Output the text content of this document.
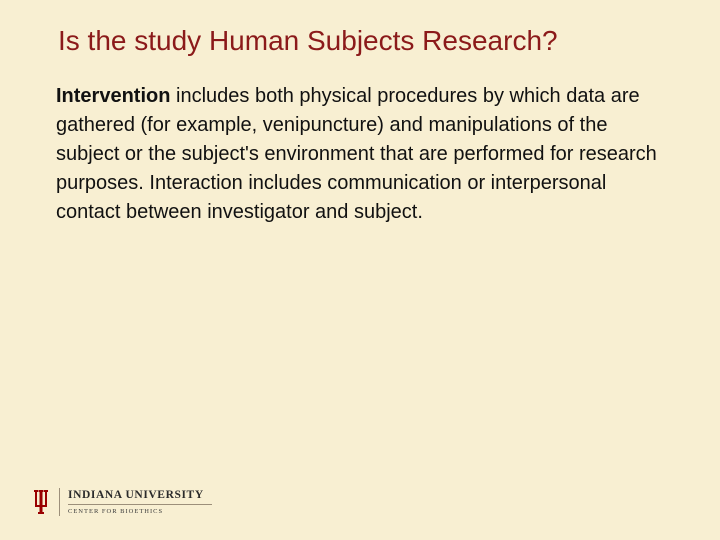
Is the study Human Subjects Research?

Intervention includes both physical procedures by which data are gathered (for example, venipuncture) and manipulations of the subject or the subject's environment that are performed for research purposes. Interaction includes communication or interpersonal contact between investigator and subject.

INDIANA UNIVERSITY
CENTER FOR BIOETHICS
